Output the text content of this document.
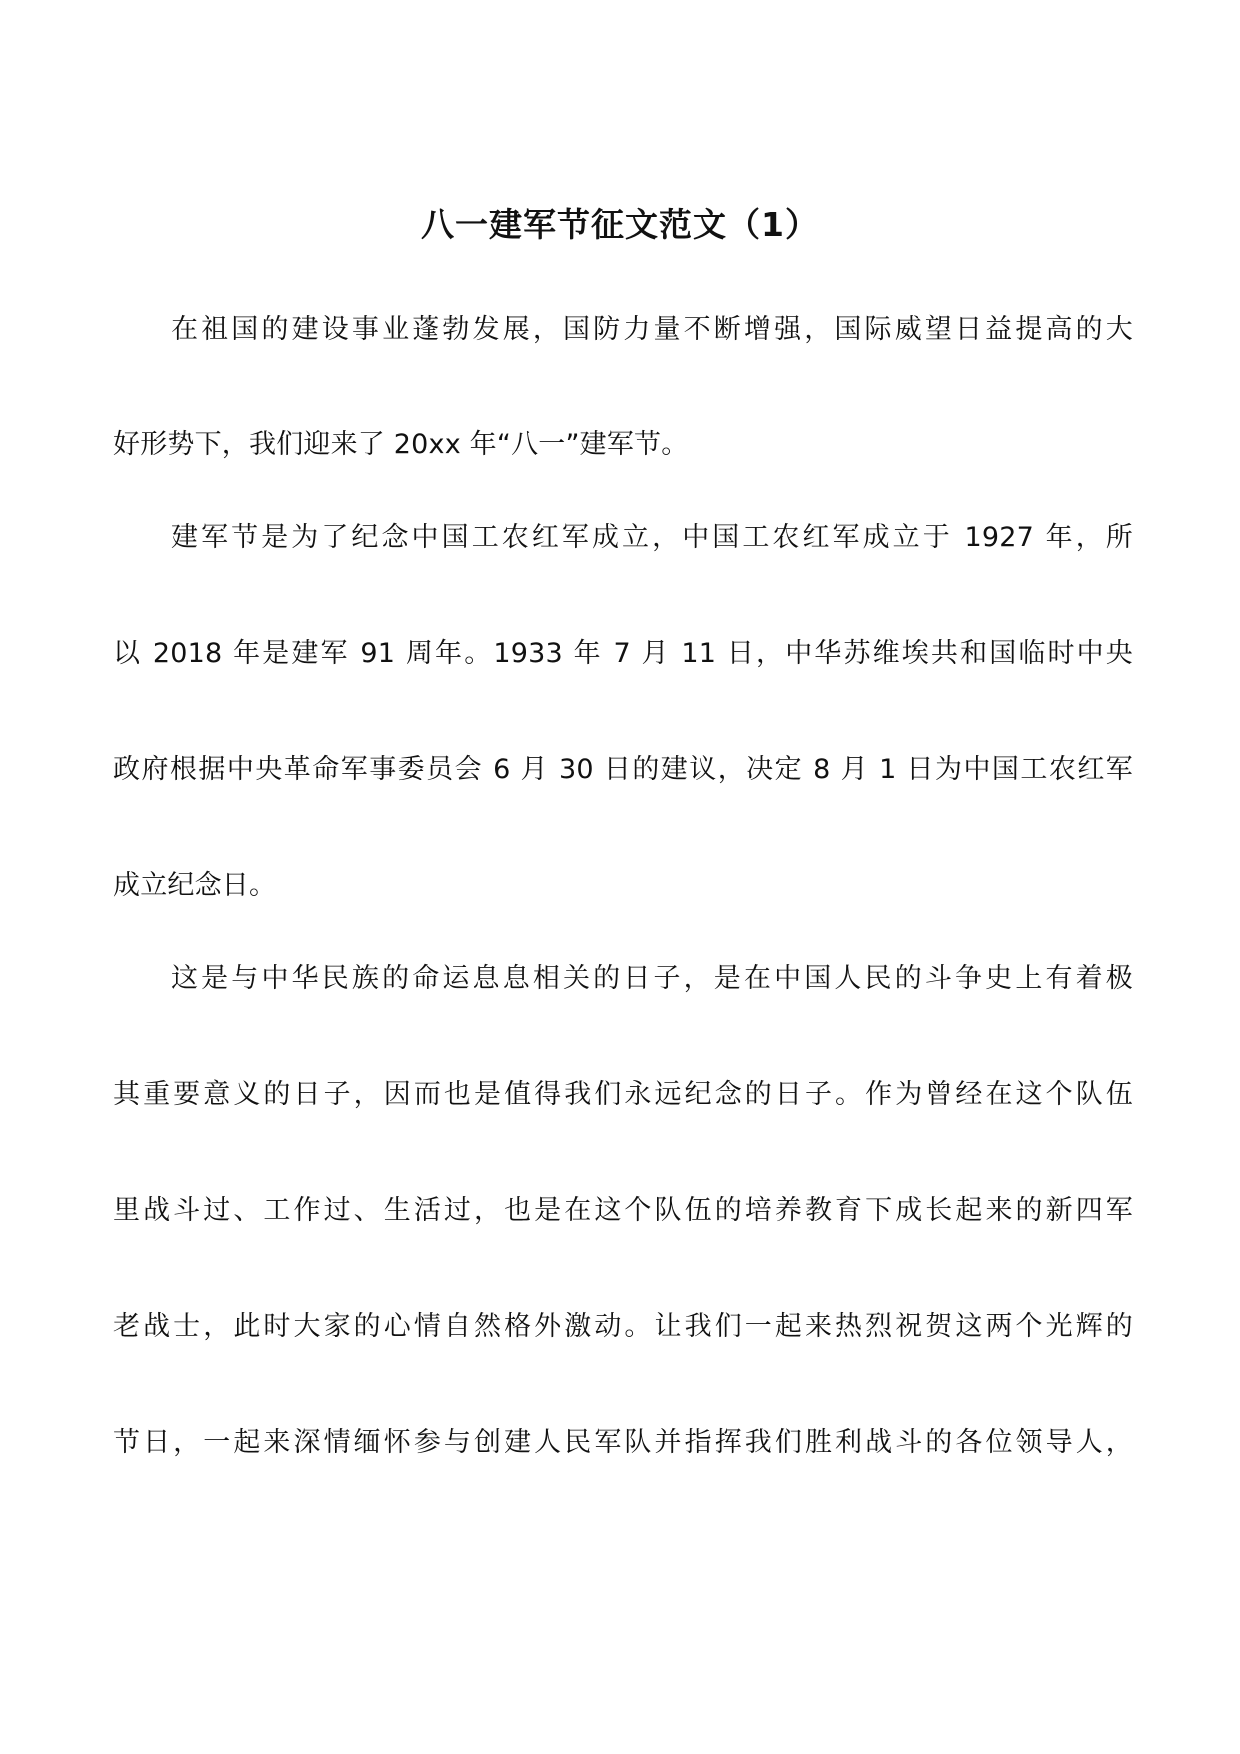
八一建军节征文范文（1）
在祖国的建设事业蓬勃发展，国防力量不断增强，国际威望日益提高的大
好形势下，我们迎来了 20xx 年“八一”建军节。
建军节是为了纪念中国工农红军成立，中国工农红军成立于 1927 年，所
以 2018 年是建军 91 周年。1933 年 7 月 11 日，中华苏维埃共和国临时中央
政府根据中央革命军事委员会 6 月 30 日的建议，决定 8 月 1 日为中国工农红军
成立纪念日。
这是与中华民族的命运息息相关的日子，是在中国人民的斗争史上有着极
其重要意义的日子，因而也是值得我们永远纪念的日子。作为曾经在这个队伍
里战斗过、工作过、生活过，也是在这个队伍的培养教育下成长起来的新四军
老战士，此时大家的心情自然格外激动。让我们一起来热烈祝贺这两个光辉的
节日，一起来深情缅怀参与创建人民军队并指挥我们胜利战斗的各位领导人，
